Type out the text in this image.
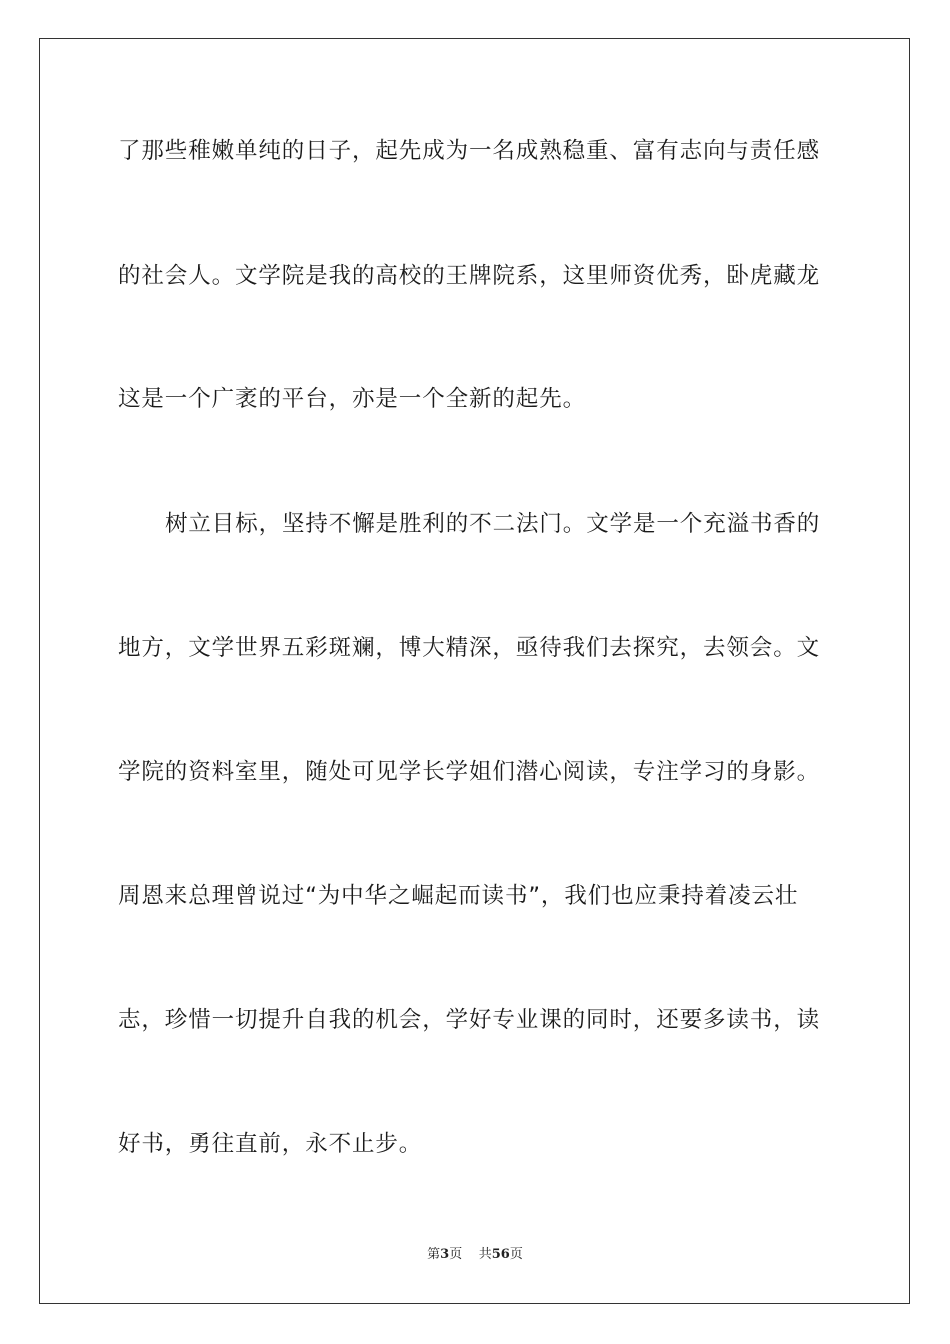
了那些稚嫩单纯的日子，起先成为一名成熟稳重、富有志向与责任感
的社会人。文学院是我的高校的王牌院系，这里师资优秀，卧虎藏龙
这是一个广袤的平台，亦是一个全新的起先。
树立目标，坚持不懈是胜利的不二法门。文学是一个充溢书香的
地方，文学世界五彩斑斓，博大精深，亟待我们去探究，去领会。文
学院的资料室里，随处可见学长学姐们潜心阅读，专注学习的身影。
周恩来总理曾说过“为中华之崛起而读书”，我们也应秉持着凌云壮
志，珍惜一切提升自我的机会，学好专业课的同时，还要多读书，读
好书，勇往直前，永不止步。
第3页 共56页
